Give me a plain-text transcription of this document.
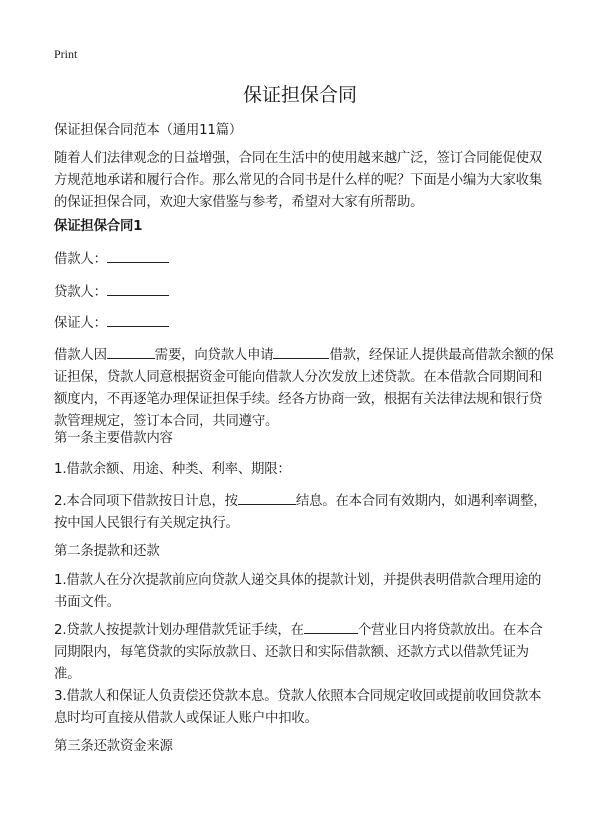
Print
保证担保合同

保证担保合同范本（通用11篇）

随着人们法律观念的日益增强，合同在生活中的使用越来越广泛，签订合同能促使双方规范地承诺和履行合作。那么常见的合同书是什么样的呢？下面是小编为大家收集的保证担保合同，欢迎大家借鉴与参考，希望对大家有所帮助。

保证担保合同1

借款人：

贷款人：

保证人：

借款人因	需要，向贷款人申请	借款，经保证人提供最高借款余额的保证担保，贷款人同意根据资金可能向借款人分次发放上述贷款。在本借款合同期间和额度内，不再逐笔办理保证担保手续。经各方协商一致，根据有关法律法规和银行贷款管理规定，签订本合同，共同遵守。

第一条主要借款内容

1.借款余额、用途、种类、利率、期限：

2.本合同项下借款按日计息，按	结息。在本合同有效期内，如遇利率调整，按中国人民银行有关规定执行。

第二条提款和还款

1.借款人在分次提款前应向贷款人递交具体的提款计划，并提供表明借款合理用途的书面文件。

2.贷款人按提款计划办理借款凭证手续，在	个营业日内将贷款放出。在本合同期限内，每笔贷款的实际放款日、还款日和实际借款额、还款方式以借款凭证为准。

3.借款人和保证人负责偿还贷款本息。贷款人依照本合同规定收回或提前收回贷款本息时均可直接从借款人或保证人账户中扣收。

第三条还款资金来源
